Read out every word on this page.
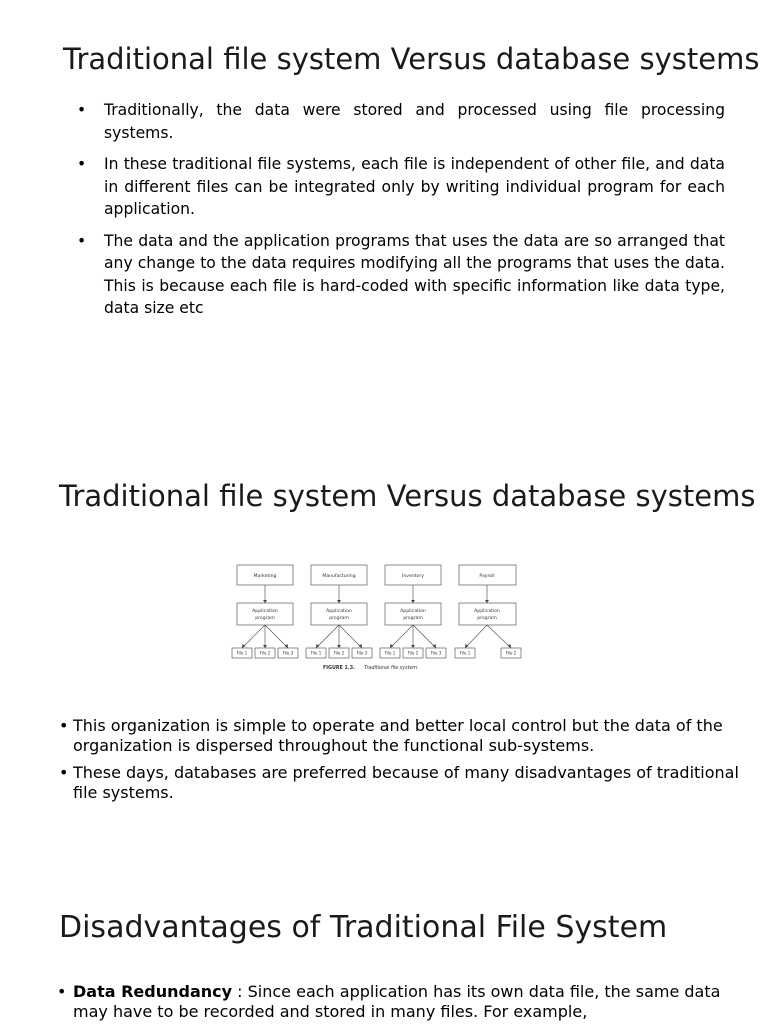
Traditional file system Versus database systems
• Traditionally, the data were stored and processed using file processing systems.
• In these traditional file systems, each file is independent of other file, and data in different files can be integrated only by writing individual program for each application.
• The data and the application programs that uses the data are so arranged that any change to the data requires modifying all the programs that uses the data. This is because each file is hard-coded with specific information like data type, data size etc
Traditional file system Versus database systems
Marketing	Manufacturing	Inventory	Payroll
Application
program
Application
program
Application
program
Application
program
File 1	File 2	File 3	File 1	File 2	File 3	File 1	File 2	File 3	File 1	File 2
FIGURE 1.3. Traditional file system.
• This organization is simple to operate and better local control but the data of the organization is dispersed throughout the functional sub-systems.
• These days, databases are preferred because of many disadvantages of traditional file systems.
Disadvantages of Traditional File System
• Data Redundancy : Since each application has its own data file, the same data may have to be recorded and stored in many files. For example,
